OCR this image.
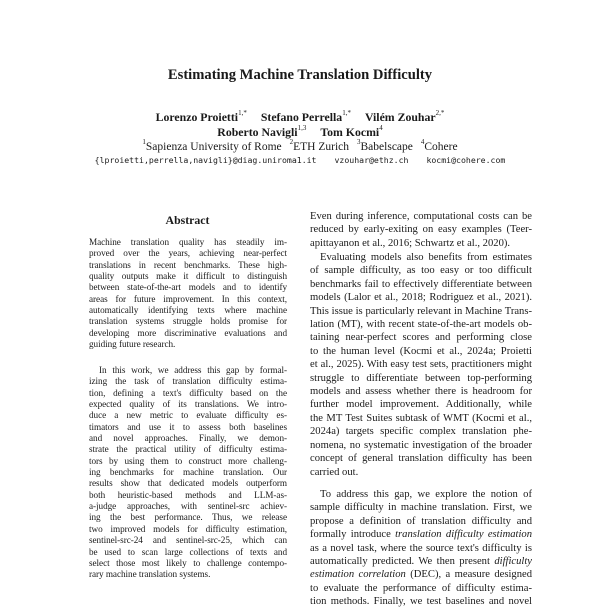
Estimating Machine Translation Difficulty
Lorenzo Proietti$^{1,*}$ Stefano Perrella$^{1,*}$ Vilém Zouhar$^{2,*}$
Roberto Navigli$^{1,3}$ Tom Kocmi$^4$
$^1$Sapienza University of Rome $^2$ETH Zurich $^3$Babelscape $^4$Cohere
{lproietti,perrella,navigli}@diag.uniroma1.it vzouhar@ethz.ch kocmi@cohere.com
Abstract
Machine translation quality has steadily im-
proved over the years, achieving near-perfect
translations in recent benchmarks. These high-
quality outputs make it difficult to distinguish
between state-of-the-art models and to identify
areas for future improvement. In this context,
automatically identifying texts where machine
translation systems struggle holds promise for
developing more discriminative evaluations and
guiding future research.
In this work, we address this gap by formal-
izing the task of translation difficulty estima-
tion, defining a text's difficulty based on the
expected quality of its translations. We intro-
duce a new metric to evaluate difficulty es-
timators and use it to assess both baselines
and novel approaches. Finally, we demon-
strate the practical utility of difficulty estima-
tors by using them to construct more challeng-
ing benchmarks for machine translation. Our
results show that dedicated models outperform
both heuristic-based methods and LLM-as-
a-judge approaches, with sentinel-src achiev-
ing the best performance. Thus, we release
two improved models for difficulty estimation,
sentinel-src-24 and sentinel-src-25, which can
be used to scan large collections of texts and
select those most likely to challenge contempo-
rary machine translation systems.
Even during inference, computational costs can be
reduced by early-exiting on easy examples (Teer-
apittayanon et al., 2016; Schwartz et al., 2020).
Evaluating models also benefits from estimates
of sample difficulty, as too easy or too difficult
benchmarks fail to effectively differentiate between
models (Lalor et al., 2018; Rodriguez et al., 2021).
This issue is particularly relevant in Machine Trans-
lation (MT), with recent state-of-the-art models ob-
taining near-perfect scores and performing close
to the human level (Kocmi et al., 2024a; Proietti
et al., 2025). With easy test sets, practitioners might
struggle to differentiate between top-performing
models and assess whether there is headroom for
further model improvement. Additionally, while
the MT Test Suites subtask of WMT (Kocmi et al.,
2024a) targets specific complex translation phe-
nomena, no systematic investigation of the broader
concept of general translation difficulty has been
carried out.
To address this gap, we explore the notion of
sample difficulty in machine translation. First, we
propose a definition of translation difficulty and
formally introduce translation difficulty estimation
as a novel task, where the source text's difficulty is
automatically predicted. We then present difficulty
estimation correlation (DEC), a measure designed
to evaluate the performance of difficulty estima-
tion methods. Finally, we test baselines and novel
